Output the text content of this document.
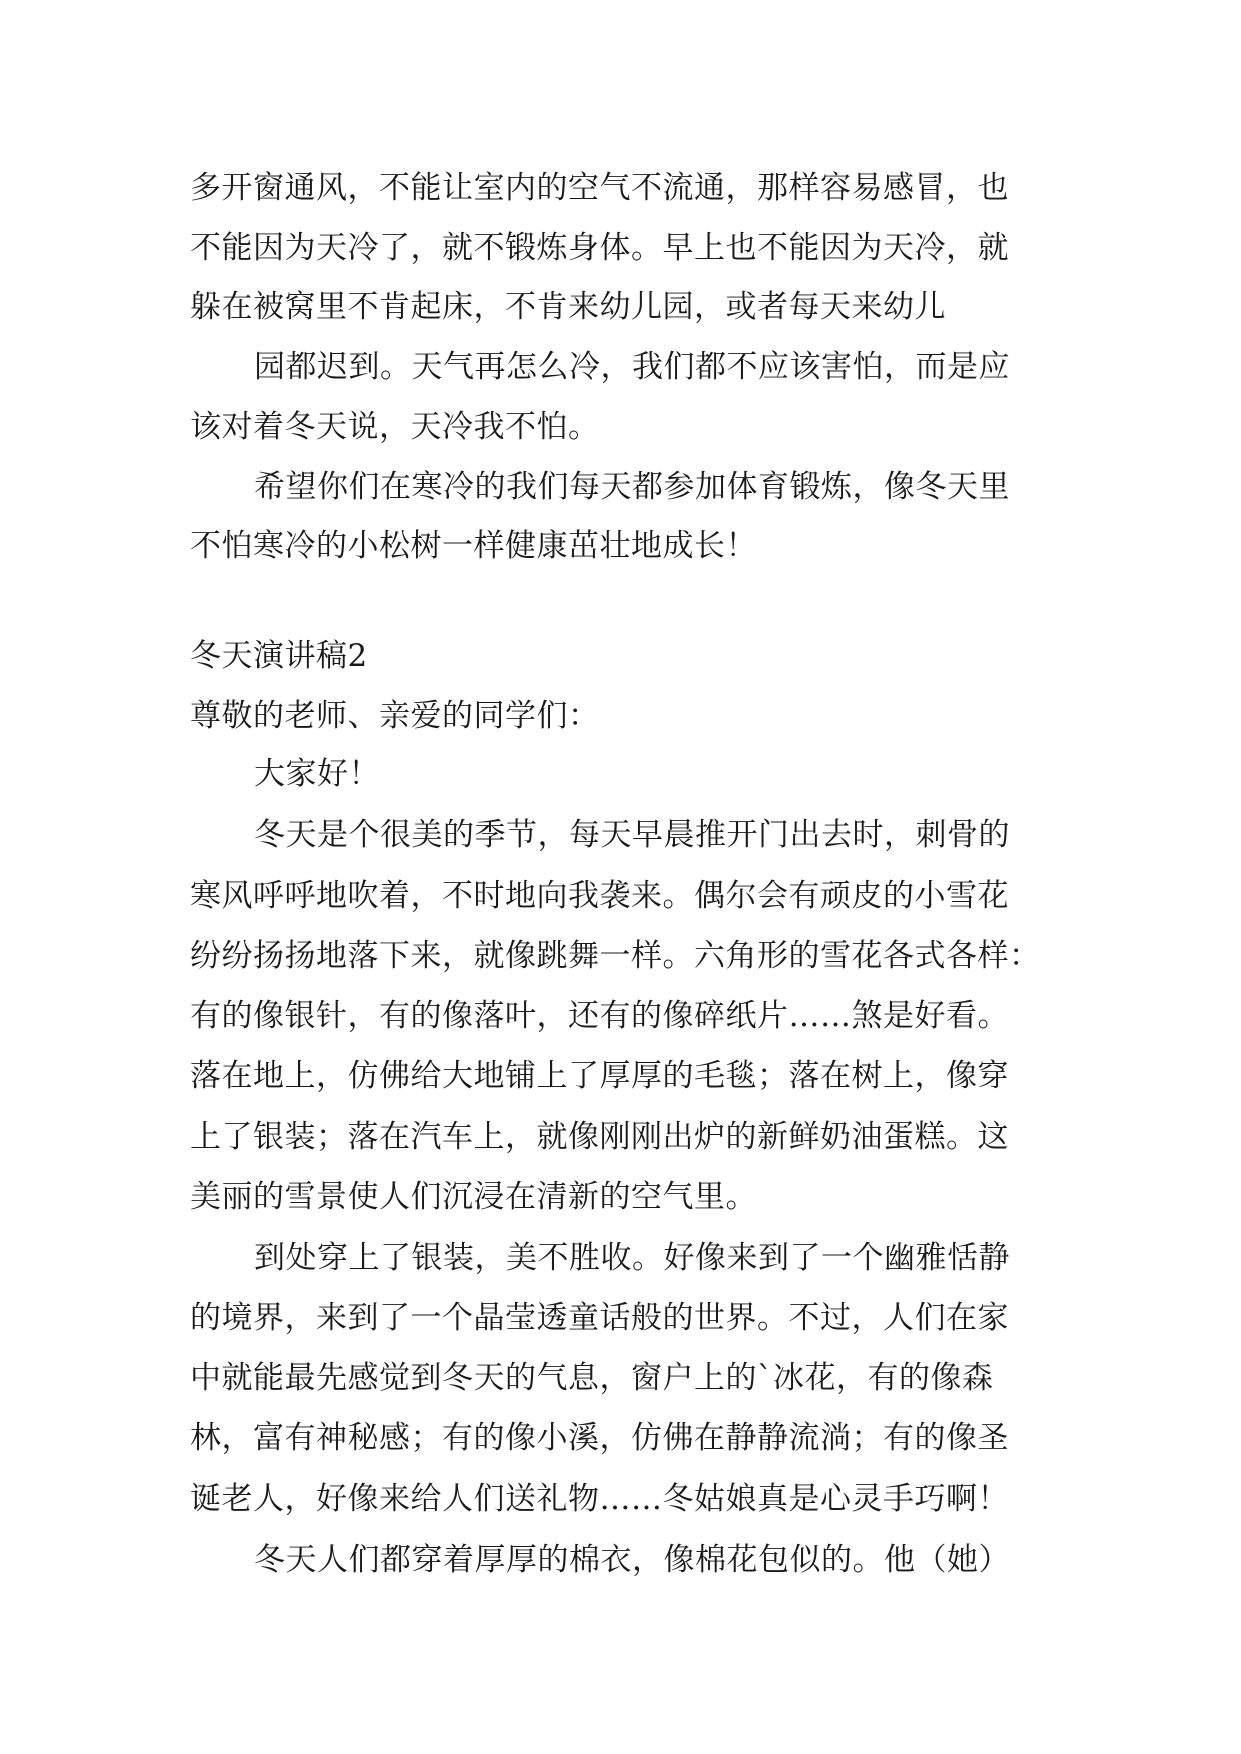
多开窗通风，不能让室内的空气不流通，那样容易感冒，也
不能因为天冷了，就不锻炼身体。早上也不能因为天冷，就
躲在被窝里不肯起床，不肯来幼儿园，或者每天来幼儿
园都迟到。天气再怎么冷，我们都不应该害怕，而是应
该对着冬天说，天冷我不怕。
希望你们在寒冷的我们每天都参加体育锻炼，像冬天里
不怕寒冷的小松树一样健康茁壮地成长！
冬天演讲稿2
尊敬的老师、亲爱的同学们：
大家好！
冬天是个很美的季节，每天早晨推开门出去时，刺骨的
寒风呼呼地吹着，不时地向我袭来。偶尔会有顽皮的小雪花
纷纷扬扬地落下来，就像跳舞一样。六角形的雪花各式各样：
有的像银针，有的像落叶，还有的像碎纸片……煞是好看。
落在地上，仿佛给大地铺上了厚厚的毛毯；落在树上，像穿
上了银装；落在汽车上，就像刚刚出炉的新鲜奶油蛋糕。这
美丽的雪景使人们沉浸在清新的空气里。
到处穿上了银装，美不胜收。好像来到了一个幽雅恬静
的境界，来到了一个晶莹透童话般的世界。不过，人们在家
中就能最先感觉到冬天的气息，窗户上的`冰花，有的像森
林，富有神秘感；有的像小溪，仿佛在静静流淌；有的像圣
诞老人，好像来给人们送礼物……冬姑娘真是心灵手巧啊！
冬天人们都穿着厚厚的棉衣，像棉花包似的。他（她）
